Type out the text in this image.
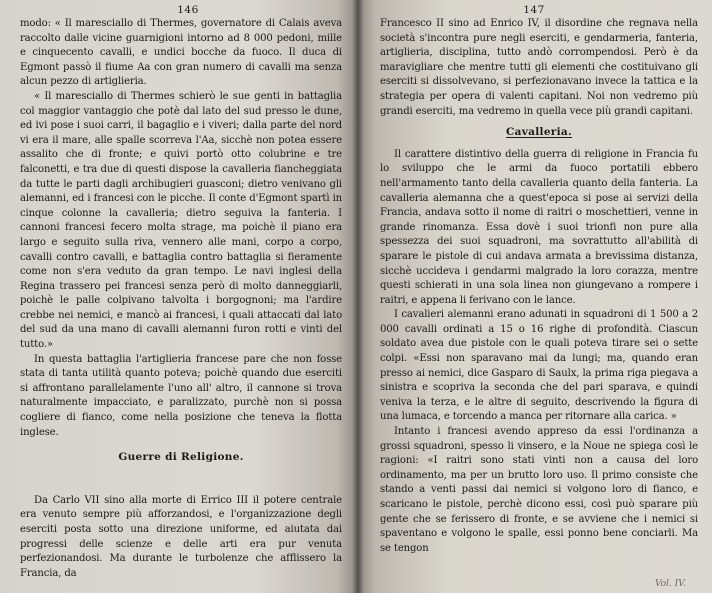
146

modo: « Il maresciallo di Thermes, governatore di Calais aveva raccolto dalle vicine guarnigioni intorno ad 8 000 pedoni, mille e cinquecento cavalli, e undici bocche da fuoco. Il duca di Egmont passò il fiume Aa con gran numero di cavalli ma senza alcun pezzo di artiglieria.

« Il maresciallo di Thermes schierò le sue genti in battaglia col maggior vantaggio che potè dal lato del sud presso le dune, ed ivi pose i suoi carri, il bagaglio e i viveri; dalla parte del nord vi era il mare, alle spalle scorreva l'Aa, sicchè non potea essere assalito che di fronte; e quivi portò otto colubrine e tre falconetti, e tra due di questi dispose la cavalleria fiancheggiata da tutte le parti dagli archibugieri guasconi; dietro venivano gli alemanni, ed i francesi con le picche. Il conte d'Egmont spartì in cinque colonne la cavalleria; dietro seguiva la fanteria. I cannoni francesi fecero molta strage, ma poichè il piano era largo e seguito sulla riva, vennero alle mani, corpo a corpo, cavalli contro cavalli, e battaglia contro battaglia si fieramente come non s'era veduto da gran tempo. Le navi inglesi della Regina trassero pei francesi senza però di molto danneggiarli, poichè le palle colpivano talvolta i borgognoni; ma l'ardire crebbe nei nemici, e mancò ai francesi, i quali attaccati dal lato del sud da una mano di cavalli alemanni furon rotti e vinti del tutto.»

In questa battaglia l'artiglieria francese pare che non fosse stata di tanta utilità quanto poteva; poichè quando due eserciti si affrontano parallelamente l'uno all' altro, il cannone si trova naturalmente impacciato, e paralizzato, purchè non si possa cogliere di fianco, come nella posizione che teneva la flotta inglese.

Guerre di Religione.

Da Carlo VII sino alla morte di Errico III il potere centrale era venuto sempre più afforzandosi, e l'organizzazione degli eserciti posta sotto una direzione uniforme, ed aiutata dai progressi delle scienze e delle arti era pur venuta perfezionandosi. Ma durante le turbolenze che afflissero la Francia, da

147

Francesco II sino ad Enrico IV, il disordine che regnava nella società s'incontra pure negli eserciti, e gendarmeria, fanteria, artiglieria, disciplina, tutto andò corrompendosi. Però è da maravigliare che mentre tutti gli elementi che costituivano gli eserciti si dissolvevano, si perfezionavano invece la tattica e la strategia per opera di valenti capitani. Noi non vedremo più grandi eserciti, ma vedremo in quella vece più grandi capitani.

Cavalleria.

Il carattere distintivo della guerra di religione in Francia fu lo sviluppo che le armi da fuoco portatili ebbero nell'armamento tanto della cavalleria quanto della fanteria. La cavalleria alemanna che a quest'epoca si pose ai servizi della Francia, andava sotto il nome di raitri o moschettieri, venne in grande rinomanza. Essa dovè i suoi trionfi non pure alla spessezza dei suoi squadroni, ma sovrattutto all'abilità di sparare le pistole di cui andava armata a brevissima distanza, sicchè uccideva i gendarmi malgrado la loro corazza, mentre questi schierati in una sola linea non giungevano a rompere i raitri, e appena li ferivano con le lance.

I cavalieri alemanni erano adunati in squadroni di 1 500 a 2 000 cavalli ordinati a 15 o 16 righe di profondità. Ciascun soldato avea due pistole con le quali poteva tirare sei o sette colpi. «Essi non sparavano mai da lungi; ma, quando eran presso ai nemici, dice Gasparo di Saulx, la prima riga piegava a sinistra e scopriva la seconda che del pari sparava, e quindi veniva la terza, e le altre di seguito, descrivendo la figura di una lumaca, e torcendo a manca per ritornare alla carica. »

Intanto i francesi avendo appreso da essi l'ordinanza a grossi squadroni, spesso li vinsero, e la Noue ne spiega così le ragioni: «I raitri sono stati vinti non a causa del loro ordinamento, ma per un brutto loro uso. Il primo consiste che stando a venti passi dai nemici si volgono loro di fianco, e scaricano le pistole, perchè dicono essi, così può sparare più gente che se ferissero di fronte, e se avviene che i nemici si spaventano e volgono le spalle, essi ponno bene conciarli. Ma se tengon

Vol. IV.
